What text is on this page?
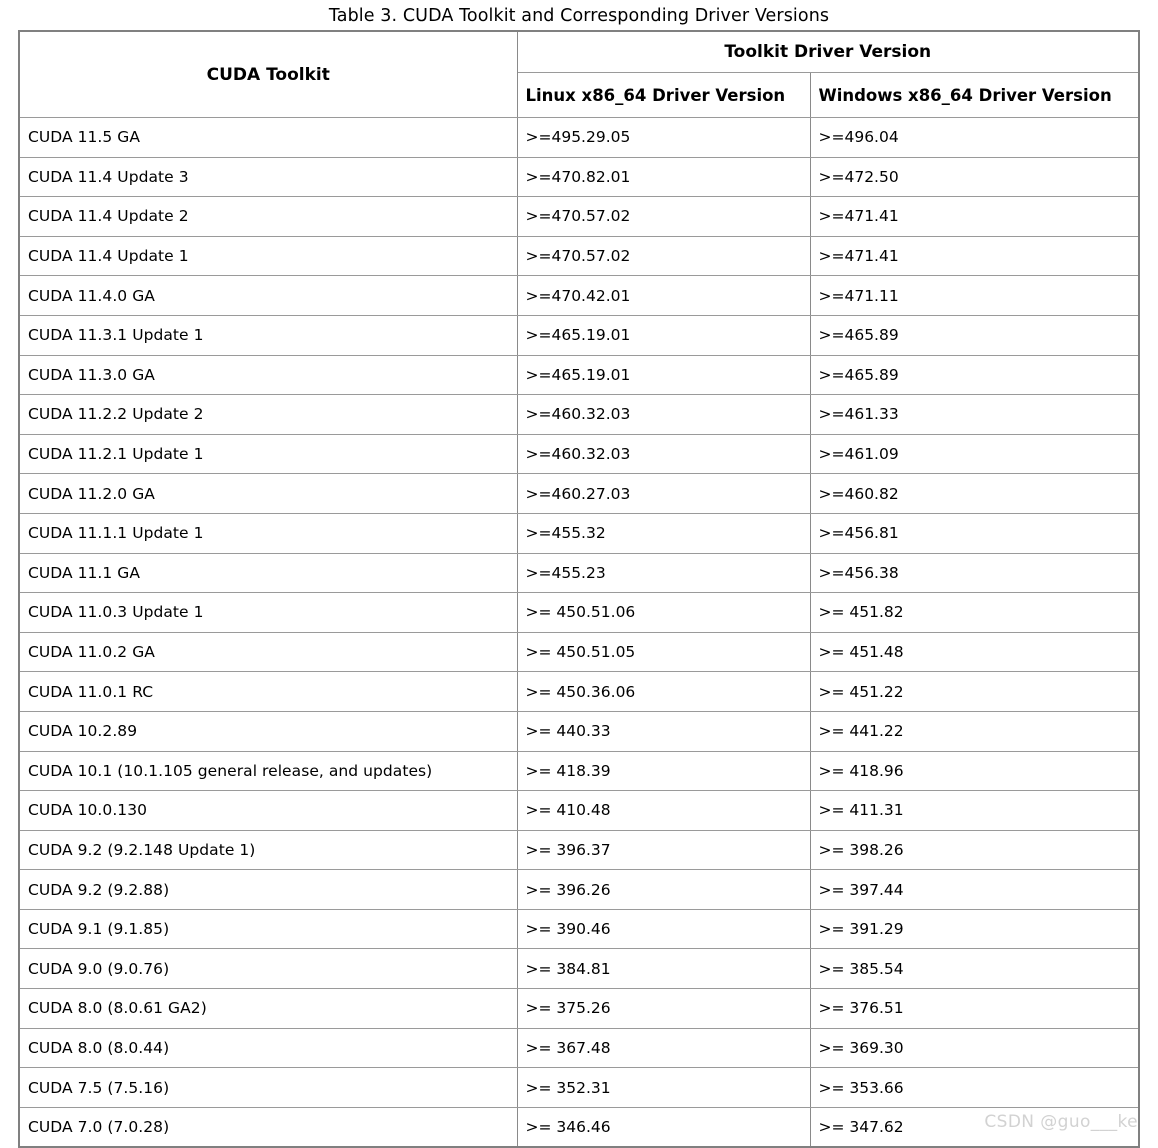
Table 3. CUDA Toolkit and Corresponding Driver Versions
CUDA Toolkit	Toolkit Driver Version	
	Linux x86_64 Driver Version	Windows x86_64 Driver Version
CUDA 11.5 GA	>=495.29.05	>=496.04
CUDA 11.4 Update 3	>=470.82.01	>=472.50
CUDA 11.4 Update 2	>=470.57.02	>=471.41
CUDA 11.4 Update 1	>=470.57.02	>=471.41
CUDA 11.4.0 GA	>=470.42.01	>=471.11
CUDA 11.3.1 Update 1	>=465.19.01	>=465.89
CUDA 11.3.0 GA	>=465.19.01	>=465.89
CUDA 11.2.2 Update 2	>=460.32.03	>=461.33
CUDA 11.2.1 Update 1	>=460.32.03	>=461.09
CUDA 11.2.0 GA	>=460.27.03	>=460.82
CUDA 11.1.1 Update 1	>=455.32	>=456.81
CUDA 11.1 GA	>=455.23	>=456.38
CUDA 11.0.3 Update 1	>= 450.51.06	>= 451.82
CUDA 11.0.2 GA	>= 450.51.05	>= 451.48
CUDA 11.0.1 RC	>= 450.36.06	>= 451.22
CUDA 10.2.89	>= 440.33	>= 441.22
CUDA 10.1 (10.1.105 general release, and updates)	>= 418.39	>= 418.96
CUDA 10.0.130	>= 410.48	>= 411.31
CUDA 9.2 (9.2.148 Update 1)	>= 396.37	>= 398.26
CUDA 9.2 (9.2.88)	>= 396.26	>= 397.44
CUDA 9.1 (9.1.85)	>= 390.46	>= 391.29
CUDA 9.0 (9.0.76)	>= 384.81	>= 385.54
CUDA 8.0 (8.0.61 GA2)	>= 375.26	>= 376.51
CUDA 8.0 (8.0.44)	>= 367.48	>= 369.30
CUDA 7.5 (7.5.16)	>= 352.31	>= 353.66
CUDA 7.0 (7.0.28)	>= 346.46	>= 347.62	CSDN @guo___ke
